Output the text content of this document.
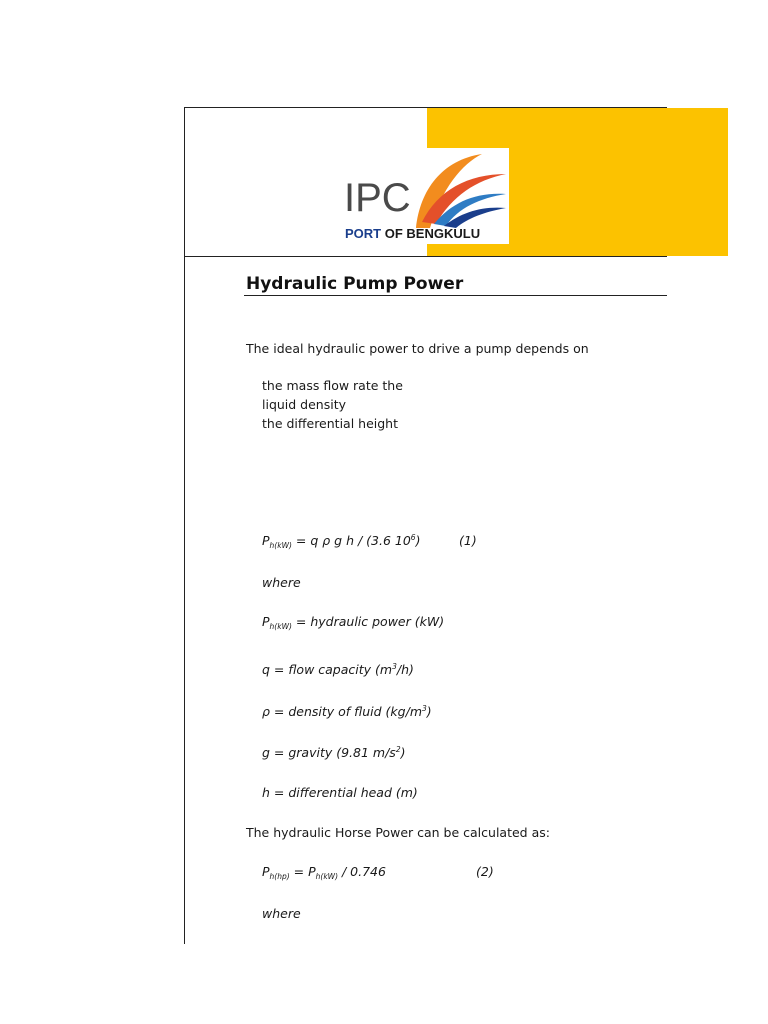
IPC
PORT OF BENGKULU
Hydraulic Pump Power
The ideal hydraulic power to drive a pump depends on
the mass flow rate the
liquid density
the differential height
$P_{h(kW)} = q$ ρ g h / (3.6 $10^6$)	(1)
where
$P_{h(kW)}$ = hydraulic power (kW)
q = flow capacity $(m^3/h)$
ρ = density of fluid $(kg/m^3)$
g = gravity (9.81 $m/s^2$)
h = differential head (m)
The hydraulic Horse Power can be calculated as:
$P_{h(hp)} = P_{h(kW)} / 0.746$	(2)
where
